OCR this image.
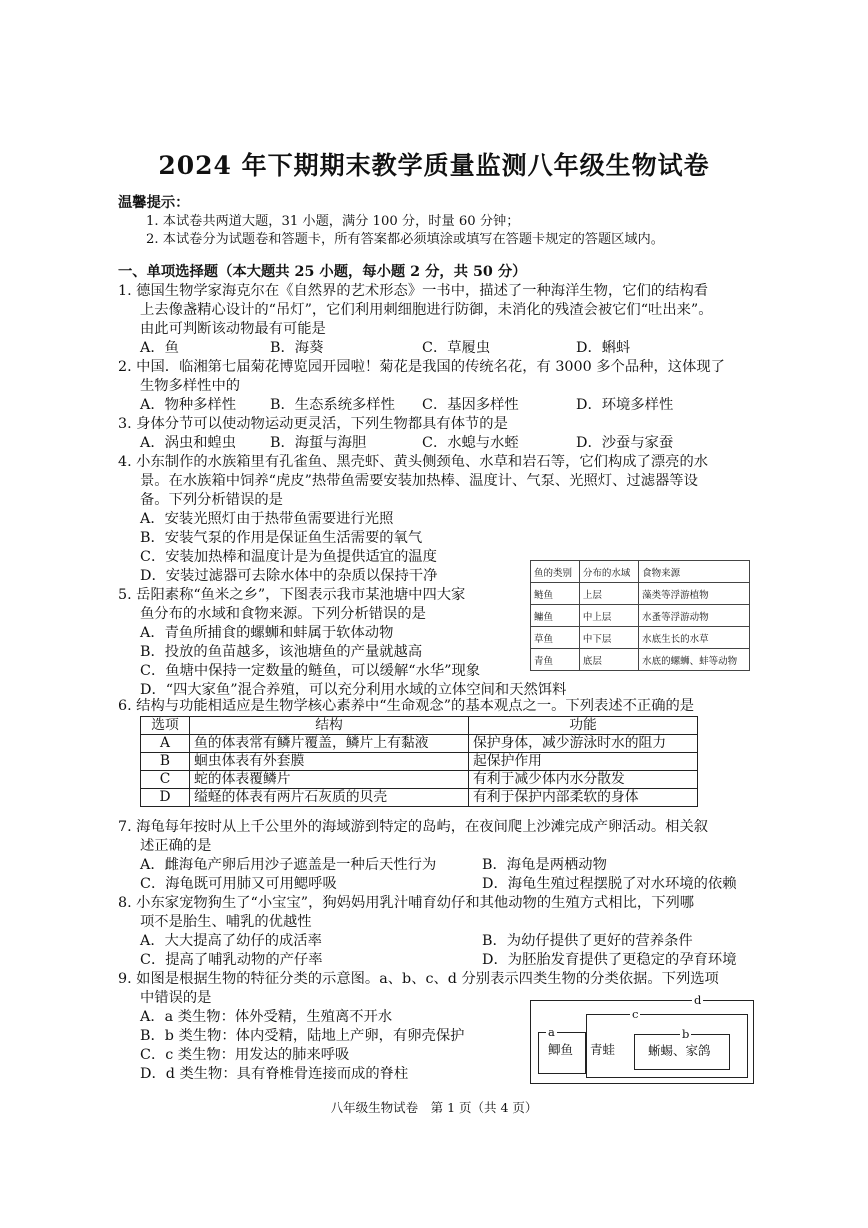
2024 年下期期末教学质量监测八年级生物试卷
温馨提示：
1. 本试卷共两道大题，31 小题，满分 100 分，时量 60 分钟；
2. 本试卷分为试题卷和答题卡，所有答案都必须填涂或填写在答题卡规定的答题区域内。
一、单项选择题（本大题共 25 小题，每小题 2 分，共 50 分）
1. 德国生物学家海克尔在《自然界的艺术形态》一书中，描述了一种海洋生物，它们的结构看
上去像盏精心设计的“吊灯”，它们利用刺细胞进行防御，未消化的残渣会被它们“吐出来”。
由此可判断该动物最有可能是
A．鱼	B．海葵	C．草履虫	D．蝌蚪
2. 中国．临湘第七届菊花博览园开园啦！菊花是我国的传统名花，有 3000 多个品种，这体现了
生物多样性中的
A．物种多样性 B．生态系统多样性 C．基因多样性	D．环境多样性
3. 身体分节可以使动物运动更灵活，下列生物都具有体节的是
A．涡虫和蝗虫 B．海蜇与海胆	C．水螅与水蛭	D．沙蚕与家蚕
4. 小东制作的水族箱里有孔雀鱼、黑壳虾、黄头侧颈龟、水草和岩石等，它们构成了漂亮的水
景。在水族箱中饲养“虎皮”热带鱼需要安装加热棒、温度计、气泵、光照灯、过滤器等设
备。下列分析错误的是
A．安装光照灯由于热带鱼需要进行光照
B．安装气泵的作用是保证鱼生活需要的氧气
C．安装加热棒和温度计是为鱼提供适宜的温度
D．安装过滤器可去除水体中的杂质以保持干净
5. 岳阳素称“鱼米之乡”，下图表示我市某池塘中四大家
鱼分布的水域和食物来源。下列分析错误的是
A．青鱼所捕食的螺蛳和蚌属于软体动物
B．投放的鱼苗越多，该池塘鱼的产量就越高
C．鱼塘中保持一定数量的鲢鱼，可以缓解“水华”现象
D．“四大家鱼”混合养殖，可以充分利用水域的立体空间和天然饵料
鱼的类别	分布的水域	食物来源
鲢鱼	上层	藻类等浮游植物
鳙鱼	中上层	水蚤等浮游动物
草鱼	中下层	水底生长的水草
青鱼	底层	水底的螺蛳、蚌等动物
6. 结构与功能相适应是生物学核心素养中“生命观念”的基本观点之一。下列表述不正确的是
选项	结构	功能
A	鱼的体表常有鳞片覆盖，鳞片上有黏液	保护身体，减少游泳时水的阻力
B	蛔虫体表有外套膜	起保护作用
C	蛇的体表覆鳞片	有利于减少体内水分散发
D	缢蛏的体表有两片石灰质的贝壳	有利于保护内部柔软的身体
7. 海龟每年按时从上千公里外的海域游到特定的岛屿，在夜间爬上沙滩完成产卵活动。相关叙
述正确的是
A．雌海龟产卵后用沙子遮盖是一种后天性行为	B．海龟是两栖动物
C．海龟既可用肺又可用鳃呼吸	D．海龟生殖过程摆脱了对水环境的依赖
8. 小东家宠物狗生了“小宝宝”，狗妈妈用乳汁哺育幼仔和其他动物的生殖方式相比，下列哪
项不是胎生、哺乳的优越性
A．大大提高了幼仔的成活率	B．为幼仔提供了更好的营养条件
C．提高了哺乳动物的产仔率	D．为胚胎发育提供了更稳定的孕育环境
9. 如图是根据生物的特征分类的示意图。a、b、c、d 分别表示四类生物的分类依据。下列选项
中错误的是
A．a 类生物：体外受精，生殖离不开水
B．b 类生物：体内受精，陆地上产卵，有卵壳保护
C．c 类生物：用发达的肺来呼吸
D．d 类生物：具有脊椎骨连接而成的脊柱
d
c
a	b
鲫鱼 青蛙	蜥蜴、家鸽
八年级生物试卷　第 1 页（共 4 页）
